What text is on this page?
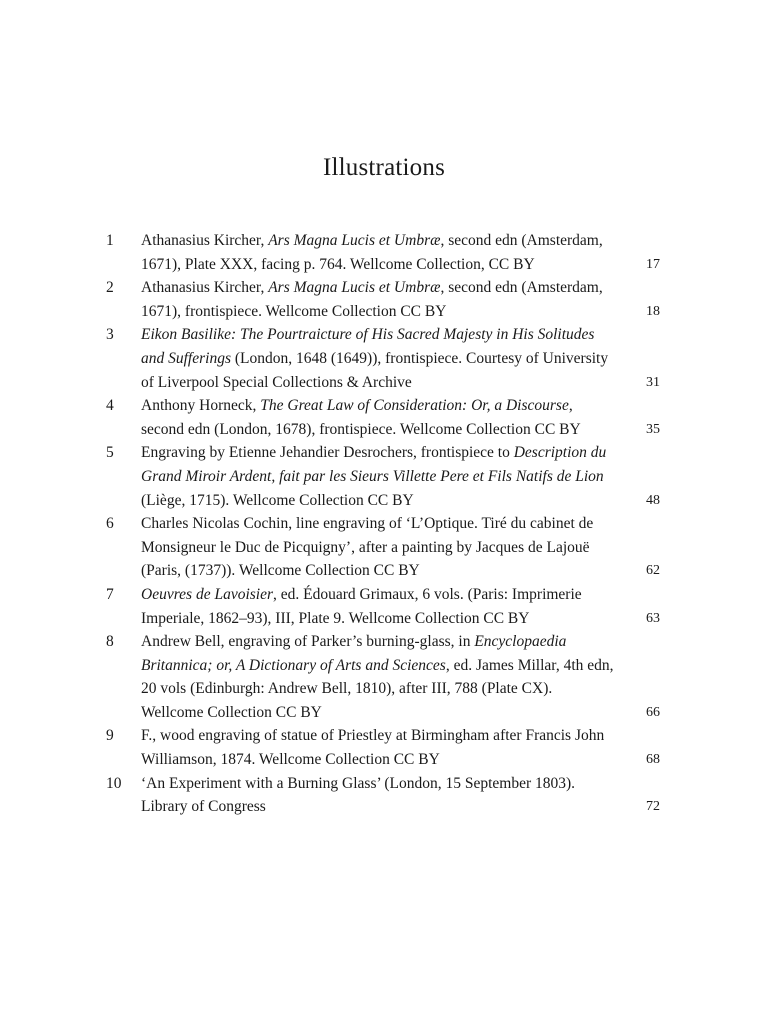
Illustrations
1	Athanasius Kircher, Ars Magna Lucis et Umbræ, second edn (Amsterdam, 1671), Plate XXX, facing p. 764. Wellcome Collection, CC BY	17
2	Athanasius Kircher, Ars Magna Lucis et Umbræ, second edn (Amsterdam, 1671), frontispiece. Wellcome Collection CC BY	18
3	Eikon Basilike: The Pourtraicture of His Sacred Majesty in His Solitudes and Sufferings (London, 1648 (1649)), frontispiece. Courtesy of University of Liverpool Special Collections & Archive	31
4	Anthony Horneck, The Great Law of Consideration: Or, a Discourse, second edn (London, 1678), frontispiece. Wellcome Collection CC BY	35
5	Engraving by Etienne Jehandier Desrochers, frontispiece to Description du Grand Miroir Ardent, fait par les Sieurs Villette Pere et Fils Natifs de Lion (Liège, 1715). Wellcome Collection CC BY	48
6	Charles Nicolas Cochin, line engraving of ‘L’Optique. Tiré du cabinet de Monsigneur le Duc de Picquigny’, after a painting by Jacques de Lajouë (Paris, (1737)). Wellcome Collection CC BY	62
7	Oeuvres de Lavoisier, ed. Édouard Grimaux, 6 vols. (Paris: Imprimerie Imperiale, 1862–93), III, Plate 9. Wellcome Collection CC BY	63
8	Andrew Bell, engraving of Parker’s burning-glass, in Encyclopaedia Britannica; or, A Dictionary of Arts and Sciences, ed. James Millar, 4th edn, 20 vols (Edinburgh: Andrew Bell, 1810), after III, 788 (Plate CX). Wellcome Collection CC BY	66
9	F., wood engraving of statue of Priestley at Birmingham after Francis John Williamson, 1874. Wellcome Collection CC BY	68
10	‘An Experiment with a Burning Glass’ (London, 15 September 1803). Library of Congress	72
